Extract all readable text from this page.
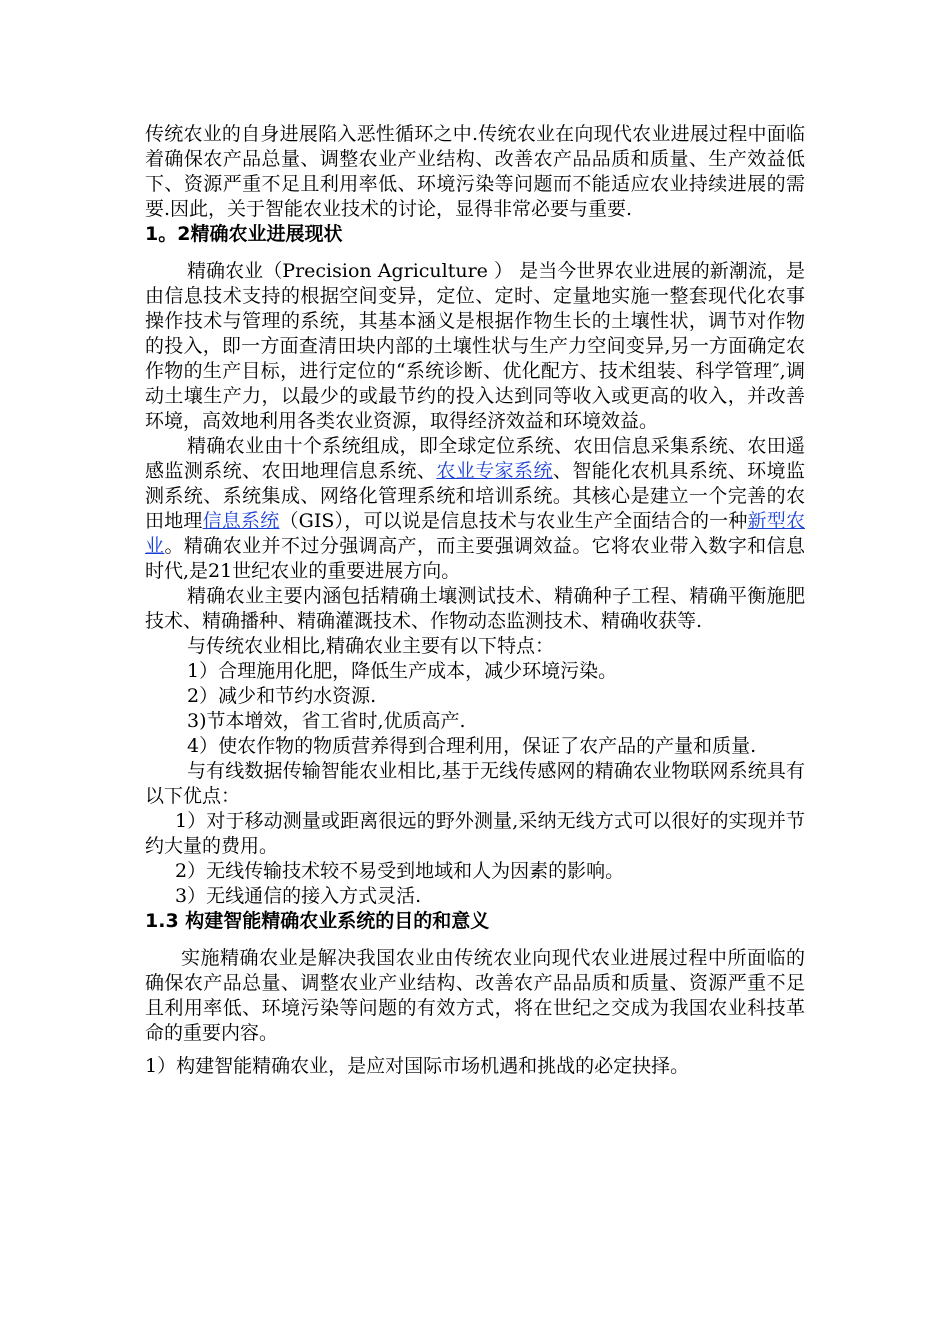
传统农业的自身进展陷入恶性循环之中.传统农业在向现代农业进展过程中面临着确保农产品总量、调整农业产业结构、改善农产品品质和质量、生产效益低下、资源严重不足且利用率低、环境污染等问题而不能适应农业持续进展的需要.因此，关于智能农业技术的讨论，显得非常必要与重要.

1。2精确农业进展现状

精确农业（Precision Agriculture ） 是当今世界农业进展的新潮流，是由信息技术支持的根据空间变异，定位、定时、定量地实施一整套现代化农事操作技术与管理的系统，其基本涵义是根据作物生长的土壤性状，调节对作物的投入，即一方面查清田块内部的土壤性状与生产力空间变异,另一方面确定农作物的生产目标，进行定位的“系统诊断、优化配方、技术组装、科学管理″,调动土壤生产力，以最少的或最节约的投入达到同等收入或更高的收入，并改善环境，高效地利用各类农业资源，取得经济效益和环境效益。

精确农业由十个系统组成，即全球定位系统、农田信息采集系统、农田遥感监测系统、农田地理信息系统、农业专家系统、智能化农机具系统、环境监测系统、系统集成、网络化管理系统和培训系统。其核心是建立一个完善的农田地理信息系统（GIS），可以说是信息技术与农业生产全面结合的一种新型农业。精确农业并不过分强调高产，而主要强调效益。它将农业带入数字和信息时代,是21世纪农业的重要进展方向。

精确农业主要内涵包括精确土壤测试技术、精确种子工程、精确平衡施肥技术、精确播种、精确灌溉技术、作物动态监测技术、精确收获等.

与传统农业相比,精确农业主要有以下特点：

1）合理施用化肥，降低生产成本，减少环境污染。

2）减少和节约水资源.

3)节本增效，省工省时,优质高产.

4）使农作物的物质营养得到合理利用，保证了农产品的产量和质量.

与有线数据传输智能农业相比,基于无线传感网的精确农业物联网系统具有以下优点：

1）对于移动测量或距离很远的野外测量,采纳无线方式可以很好的实现并节约大量的费用。

2）无线传输技术较不易受到地域和人为因素的影响。

3）无线通信的接入方式灵活.

1.3 构建智能精确农业系统的目的和意义

实施精确农业是解决我国农业由传统农业向现代农业进展过程中所面临的确保农产品总量、调整农业产业结构、改善农产品品质和质量、资源严重不足且利用率低、环境污染等问题的有效方式，将在世纪之交成为我国农业科技革命的重要内容。

1）构建智能精确农业，是应对国际市场机遇和挑战的必定抉择。
